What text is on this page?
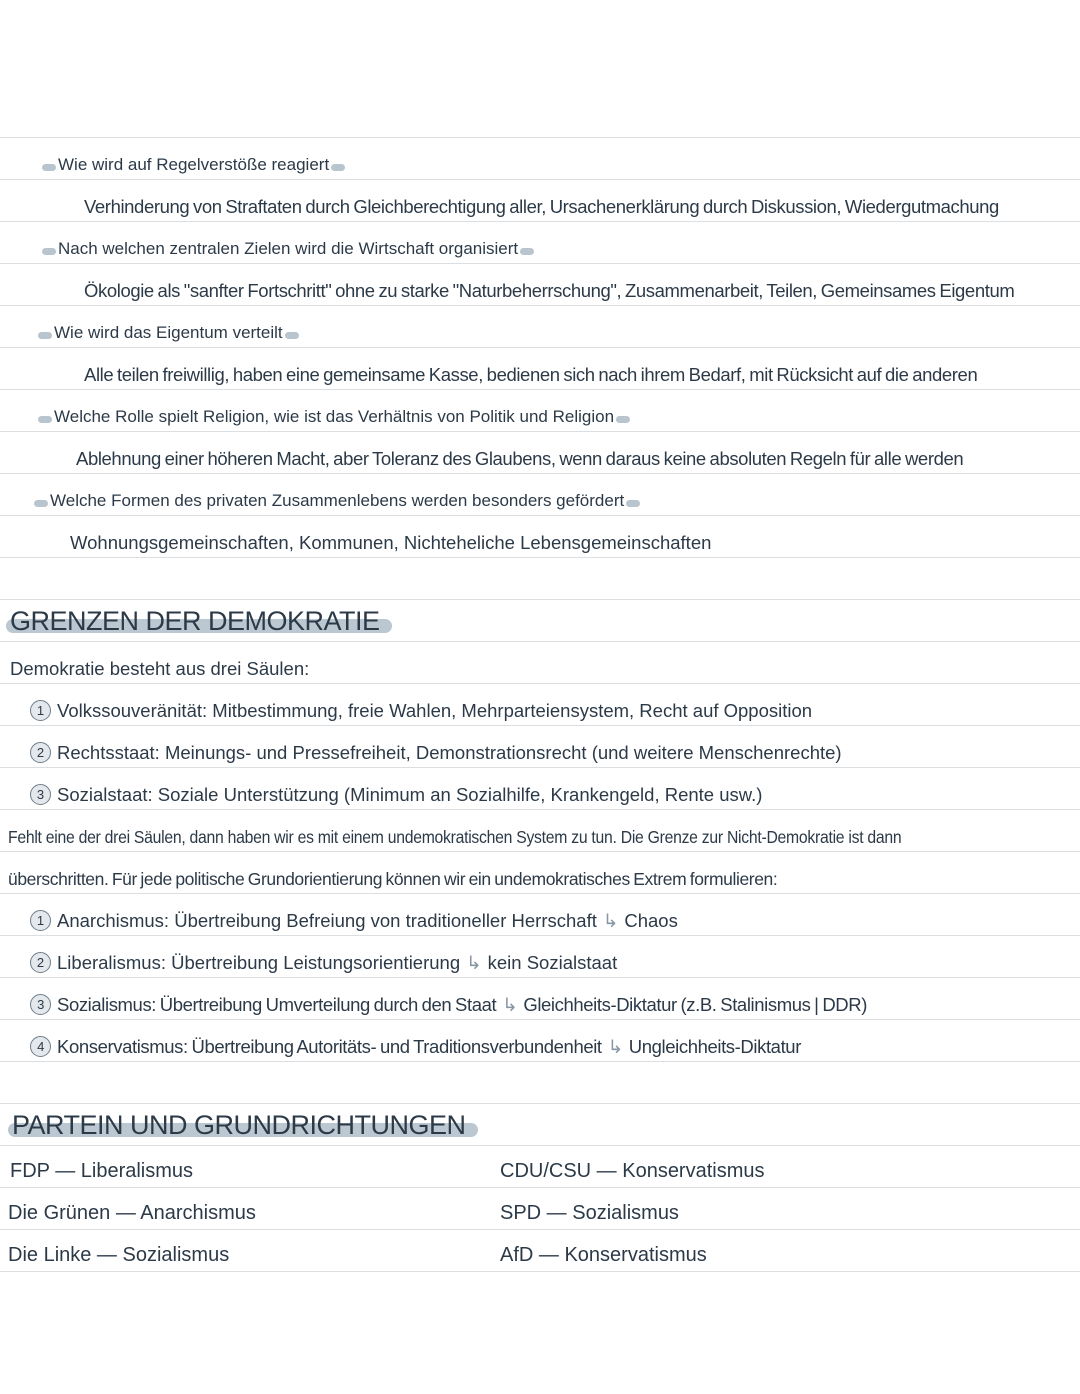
Wie wird auf Regelverstöße reagiert
Verhinderung von Straftaten durch Gleichberechtigung aller, Ursachenerklärung durch Diskussion, Wiedergutmachung
Nach welchen zentralen Zielen wird die Wirtschaft organisiert
Ökologie als "sanfter Fortschritt" ohne zu starke "Naturbeherrschung", Zusammenarbeit, Teilen, Gemeinsames Eigentum
Wie wird das Eigentum verteilt
Alle teilen freiwillig, haben eine gemeinsame Kasse, bedienen sich nach ihrem Bedarf, mit Rücksicht auf die anderen
Welche Rolle spielt Religion, wie ist das Verhältnis von Politik und Religion
Ablehnung einer höheren Macht, aber Toleranz des Glaubens, wenn daraus keine absoluten Regeln für alle werden
Welche Formen des privaten Zusammenlebens werden besonders gefördert
Wohnungsgemeinschaften, Kommunen, Nichteheliche Lebensgemeinschaften
GRENZEN DER DEMOKRATIE
Demokratie besteht aus drei Säulen:
1 Volkssouveränität: Mitbestimmung, freie Wahlen, Mehrparteiensystem, Recht auf Opposition
2 Rechtsstaat: Meinungs- und Pressefreiheit, Demonstrationsrecht (und weitere Menschenrechte)
3 Sozialstaat: Soziale Unterstützung (Minimum an Sozialhilfe, Krankengeld, Rente usw.)
Fehlt eine der drei Säulen, dann haben wir es mit einem undemokratischen System zu tun. Die Grenze zur Nicht-Demokratie ist dann
überschritten. Für jede politische Grundorientierung können wir ein undemokratisches Extrem formulieren:
1 Anarchismus: Übertreibung Befreiung von traditioneller Herrschaft ↳ Chaos
2 Liberalismus: Übertreibung Leistungsorientierung ↳ kein Sozialstaat
3 Sozialismus: Übertreibung Umverteilung durch den Staat ↳ Gleichheits-Diktatur (z.B. Stalinismus | DDR)
4 Konservatismus: Übertreibung Autoritäts- und Traditionsverbundenheit ↳ Ungleichheits-Diktatur
PARTEIN UND GRUNDRICHTUNGEN
FDP — Liberalismus	CDU/CSU — Konservatismus
Die Grünen — Anarchismus	SPD — Sozialismus
Die Linke — Sozialismus	AfD — Konservatismus
